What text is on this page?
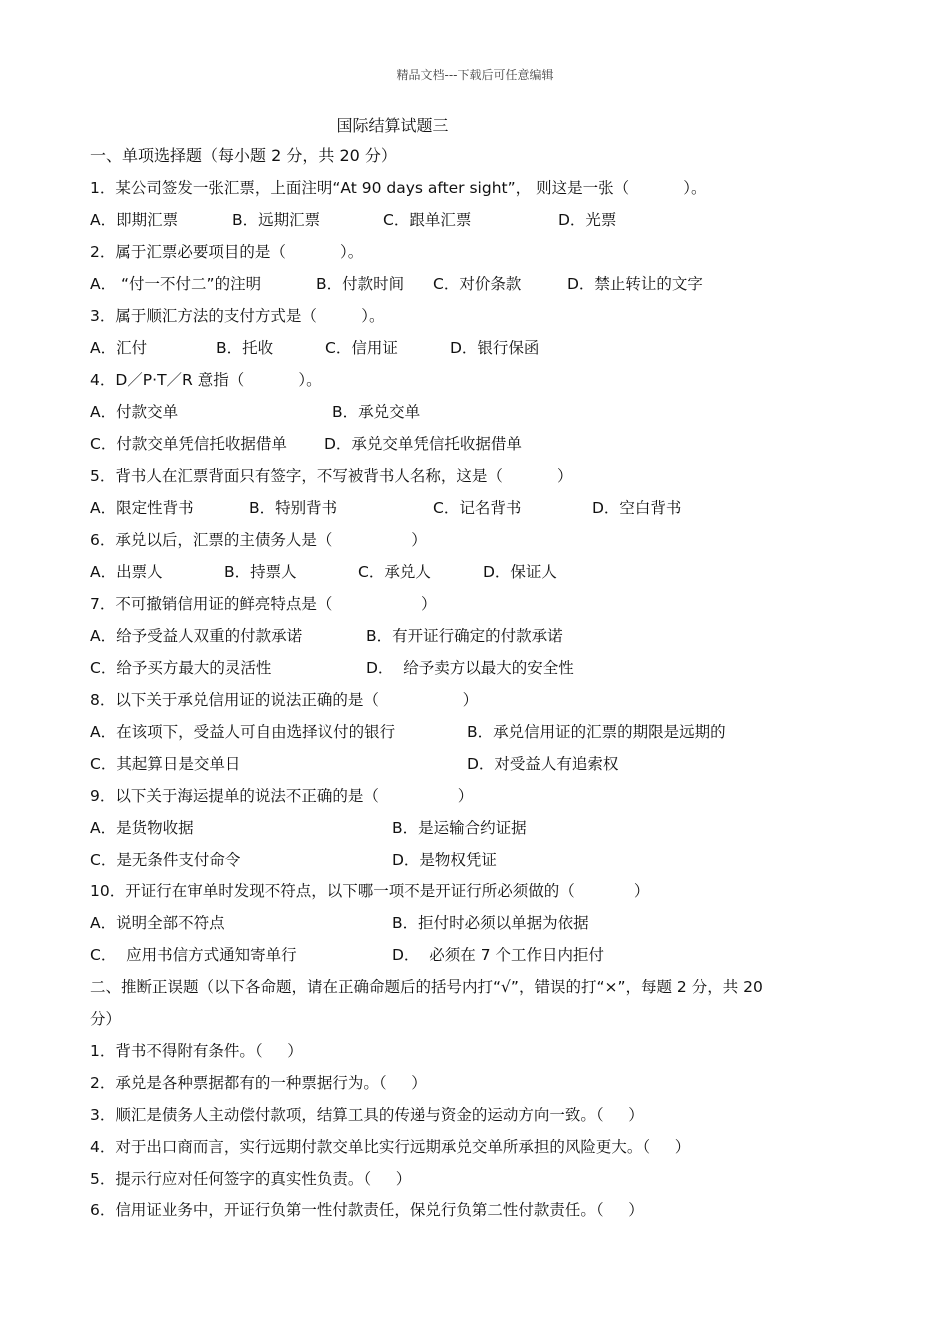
精品文档---下载后可任意编辑
国际结算试题三
一、单项选择题（每小题 2 分，共 20 分）
1．某公司签发一张汇票，上面注明“At 90 days after sight”， 则这是一张（           ）。

A．即期汇票

	B．远期汇票

	C．跟单汇票

	D．光票

2．属于汇票必要项目的是（           ）。

A． “付一不付二”的注明

	B．付款时间

C．对价条款

	D．禁止转让的文字

3．属于顺汇方法的支付方式是（         ）。

A．汇付

	B．托收

	C．信用证

	D．银行保函

4．D／P·T／R 意指（           ）。

A．付款交单

	B．承兑交单

C．付款交单凭信托收据借单

D．承兑交单凭信托收据借单

5．背书人在汇票背面只有签字，不写被背书人名称，这是（           ）

A．限定性背书

	B．特别背书

	C．记名背书

	D．空白背书

6．承兑以后，汇票的主债务人是（                ）

A．出票人

	B．持票人

	C．承兑人

	D．保证人

7．不可撤销信用证的鲜亮特点是（                  ）

A．给予受益人双重的付款承诺

	B．有开证行确定的付款承诺

C．给予买方最大的灵活性

	D．  给予卖方以最大的安全性

8．以下关于承兑信用证的说法正确的是（                 ）

A．在该项下，受益人可自由选择议付的银行

	B．承兑信用证的汇票的期限是远期的

C．其起算日是交单日

	D．对受益人有追索权

9．以下关于海运提单的说法不正确的是（                ）

A．是货物收据

	B．是运输合约证据

C．是无条件支付命令

	D．是物权凭证

10．开证行在审单时发现不符点，以下哪一项不是开证行所必须做的（            ）

A．说明全部不符点

	B．拒付时必须以单据为依据

C．  应用书信方式通知寄单行

	D．  必须在 7 个工作日内拒付

二、推断正误题（以下各命题，请在正确命题后的括号内打“√”，错误的打“×”，每题 2 分，共 20
分）
1．背书不得附有条件。（     ）
2．承兑是各种票据都有的一种票据行为。（     ）
3．顺汇是债务人主动偿付款项，结算工具的传递与资金的运动方向一致。（     ）
4．对于出口商而言，实行远期付款交单比实行远期承兑交单所承担的风险更大。（     ）
5．提示行应对任何签字的真实性负责。（     ）
6．信用证业务中，开证行负第一性付款责任，保兑行负第二性付款责任。（     ）
